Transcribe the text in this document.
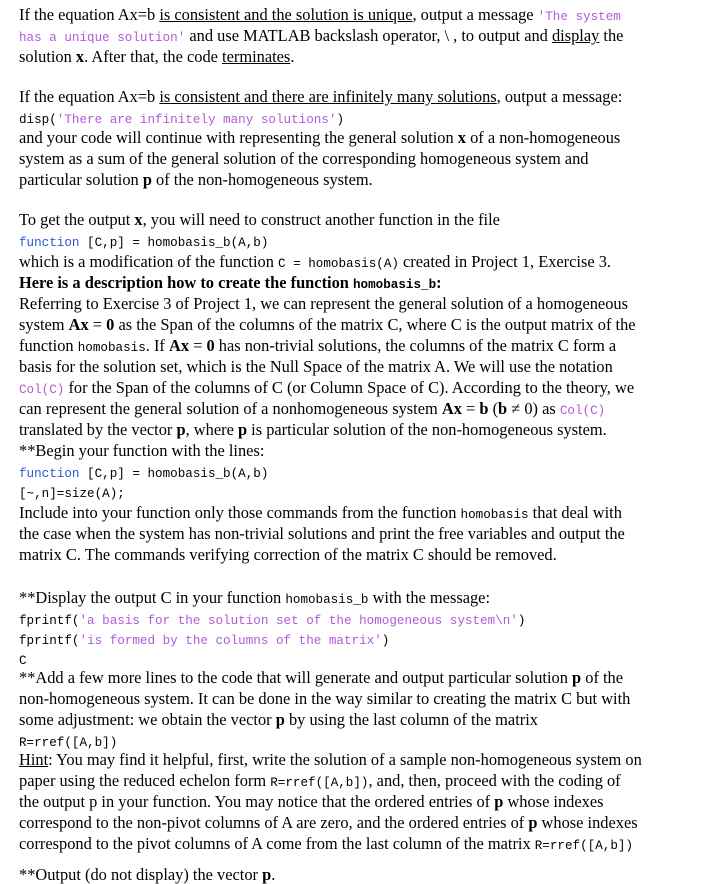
If the equation Ax=b is consistent and the solution is unique, output a message 'The system
has a unique solution' and use MATLAB backslash operator, \ , to output and display the
solution x. After that, the code terminates.
If the equation Ax=b is consistent and there are infinitely many solutions, output a message:
disp('There are infinitely many solutions')
and your code will continue with representing the general solution x of a non-homogeneous
system as a sum of the general solution of the corresponding homogeneous system and
particular solution p of the non-homogeneous system.
To get the output x, you will need to construct another function in the file
function [C,p] = homobasis_b(A,b)
which is a modification of the function C = homobasis(A) created in Project 1, Exercise 3.
Here is a description how to create the function homobasis_b:
Referring to Exercise 3 of Project 1, we can represent the general solution of a homogeneous
system Ax = 0 as the Span of the columns of the matrix C, where C is the output matrix of the
function homobasis. If Ax = 0 has non-trivial solutions, the columns of the matrix C form a
basis for the solution set, which is the Null Space of the matrix A. We will use the notation
Col(C) for the Span of the columns of C (or Column Space of C). According to the theory, we
can represent the general solution of a nonhomogeneous system Ax = b (b ≠ 0) as Col(C)
translated by the vector p, where p is particular solution of the non-homogeneous system.
**Begin your function with the lines:
function [C,p] = homobasis_b(A,b)
[~,n]=size(A);
Include into your function only those commands from the function homobasis that deal with
the case when the system has non-trivial solutions and print the free variables and output the
matrix C. The commands verifying correction of the matrix C should be removed.
**Display the output C in your function homobasis_b with the message:
fprintf('a basis for the solution set of the homogeneous system\n')
fprintf('is formed by the columns of the matrix')
C
**Add a few more lines to the code that will generate and output particular solution p of the
non-homogeneous system. It can be done in the way similar to creating the matrix C but with
some adjustment: we obtain the vector p by using the last column of the matrix
R=rref([A,b])
Hint: You may find it helpful, first, write the solution of a sample non-homogeneous system on
paper using the reduced echelon form R=rref([A,b]), and, then, proceed with the coding of
the output p in your function. You may notice that the ordered entries of p whose indexes
correspond to the non-pivot columns of A are zero, and the ordered entries of p whose indexes
correspond to the pivot columns of A come from the last column of the matrix R=rref([A,b])
**Output (do not display) the vector p.
